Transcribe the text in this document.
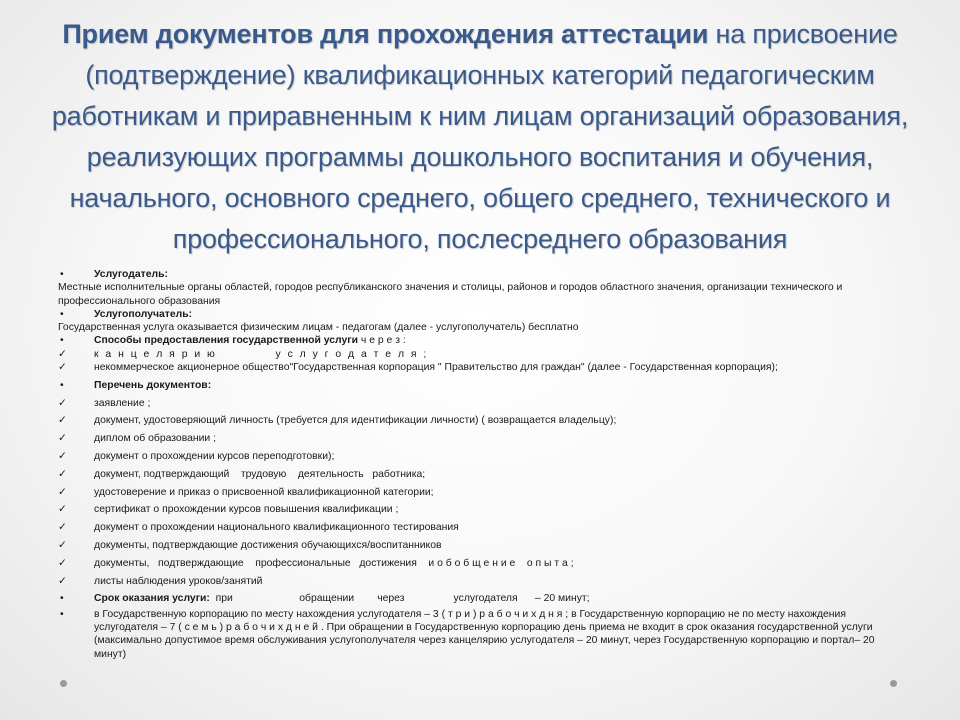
Прием документов для прохождения аттестации на присвоение (подтверждение) квалификационных категорий педагогическим работникам и приравненным к ним лицам организаций образования, реализующих программы дошкольного воспитания и обучения, начального, основного среднего, общего среднего, технического и профессионального, послесреднего образования
•	Услугодатель:
Местные исполнительные органы областей, городов республиканского значения и столицы, районов и городов областного значения, организации технического и профессионального образования
•	Услугополучатель:
Государственная услуга оказывается физическим лицам - педагогам (далее - услугополучатель) бесплатно
•	Способы предоставления государственной услуги ч е р е з :
✓	к а н ц е л я р и ю            у с л у г о д а т е л я ;
✓	некоммерческое акционерное общество"Государственная корпорация " Правительство для граждан" (далее - Государственная корпорация);
•	Перечень документов:
✓	заявление ;
✓	документ, удостоверяющий личность (требуется для идентификации личности) ( возвращается владельцу);
✓	диплом об образовании ;
✓	документ о прохождении курсов переподготовки);
✓	документ, подтверждающий    трудовую    деятельность   работника;
✓	удостоверение и приказ о присвоенной квалификационной категории;
✓	сертификат о прохождении курсов повышения квалификации ;
✓	документ о прохождении национального квалификационного тестирования
✓	документы, подтверждающие достижения обучающихся/воспитанников
✓	документы,   подтверждающие    профессиональные   достижения    и о б о б щ е н и е    о п ы т а ;
✓	листы наблюдения уроков/занятий
•	Срок оказания услуги:  при                       обращении        через                 услугодателя      – 20 минут;
•	в Государственную корпорацию по месту нахождения услугодателя – 3 ( т р и ) р а б о ч и х д н я ; в Государственную корпорацию не по месту нахождения услугодателя – 7 ( с е м ь ) р а б о ч и х д н е й . При обращении в Государственную корпорацию день приема не входит в срок оказания государственной услуги (максимально допустимое время обслуживания услугополучателя через канцелярию услугодателя – 20 минут, через Государственную корпорацию и портал– 20 минут)
